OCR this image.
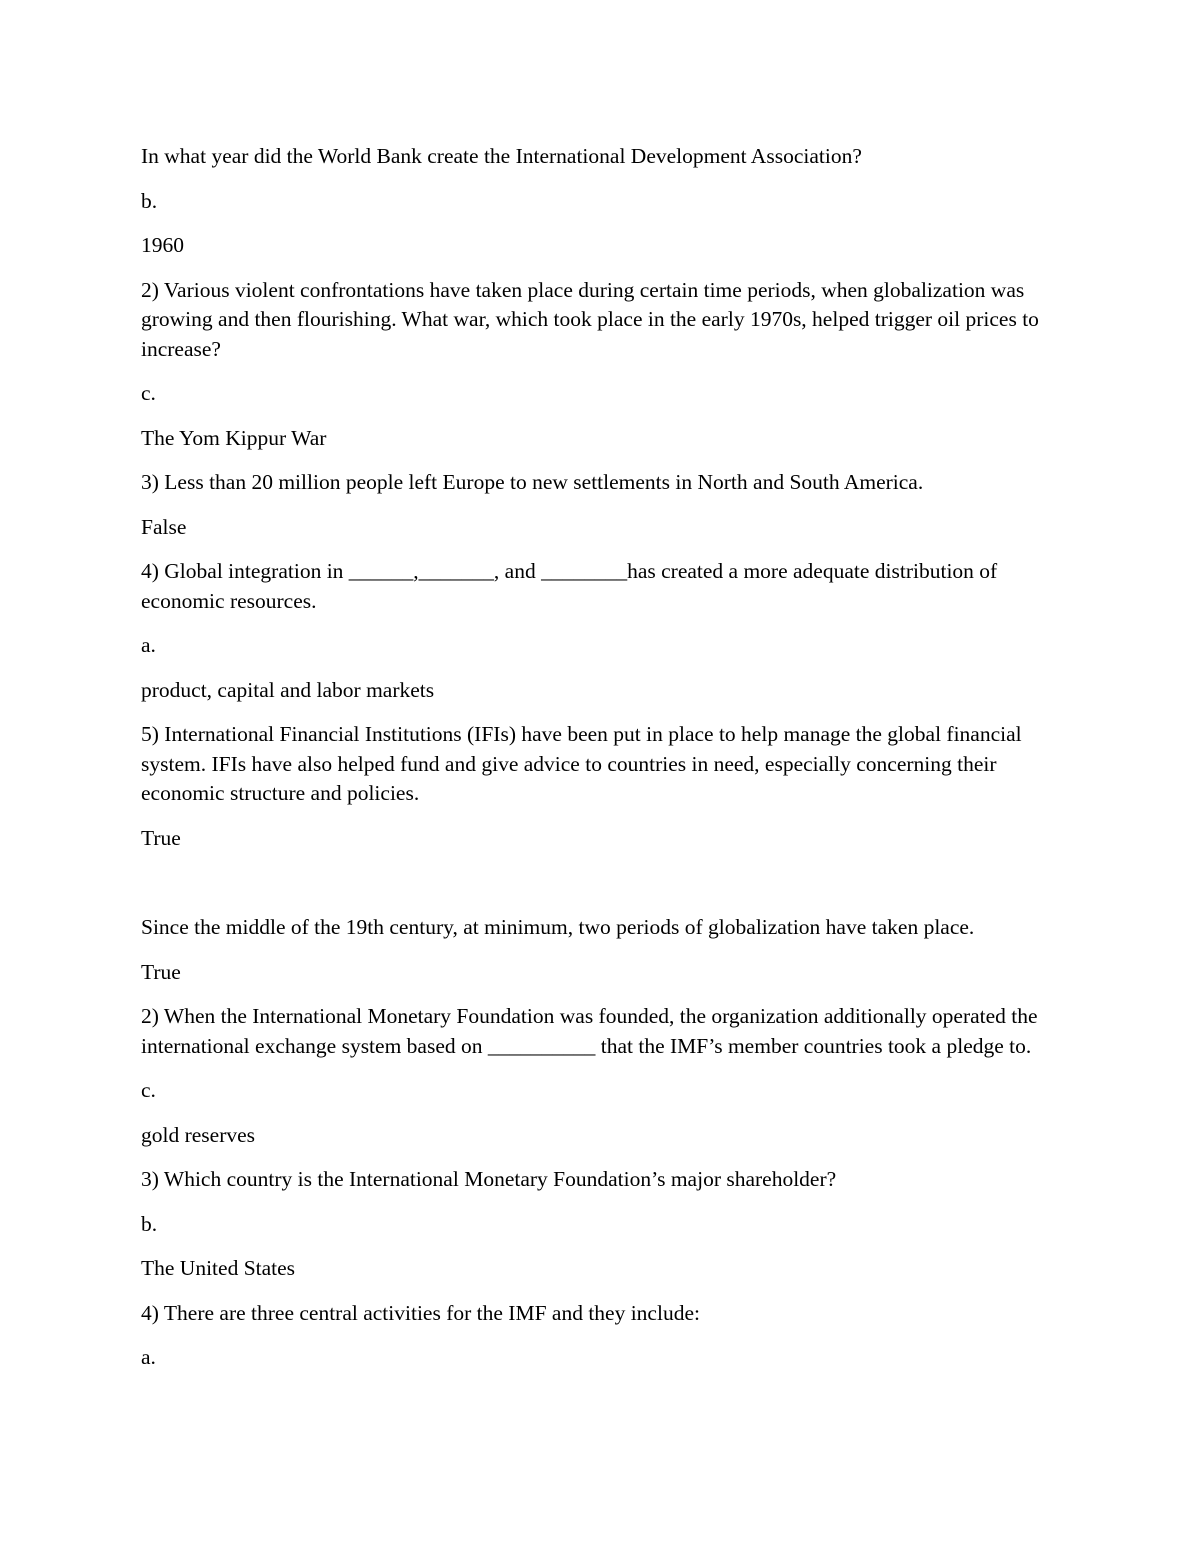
In what year did the World Bank create the International Development Association?

b.

1960

2) Various violent confrontations have taken place during certain time periods, when globalization was growing and then flourishing. What war, which took place in the early 1970s, helped trigger oil prices to increase?

c.

The Yom Kippur War

3) Less than 20 million people left Europe to new settlements in North and South America.

False

4) Global integration in ______,_______, and ________has created a more adequate distribution of economic resources.

a.

product, capital and labor markets

5) International Financial Institutions (IFIs) have been put in place to help manage the global financial system. IFIs have also helped fund and give advice to countries in need, especially concerning their economic structure and policies.

True

Since the middle of the 19th century, at minimum, two periods of globalization have taken place.

True

2) When the International Monetary Foundation was founded, the organization additionally operated the international exchange system based on __________ that the IMF’s member countries took a pledge to.

c.

gold reserves

3) Which country is the International Monetary Foundation’s major shareholder?

b.

The United States

4) There are three central activities for the IMF and they include:

a.
